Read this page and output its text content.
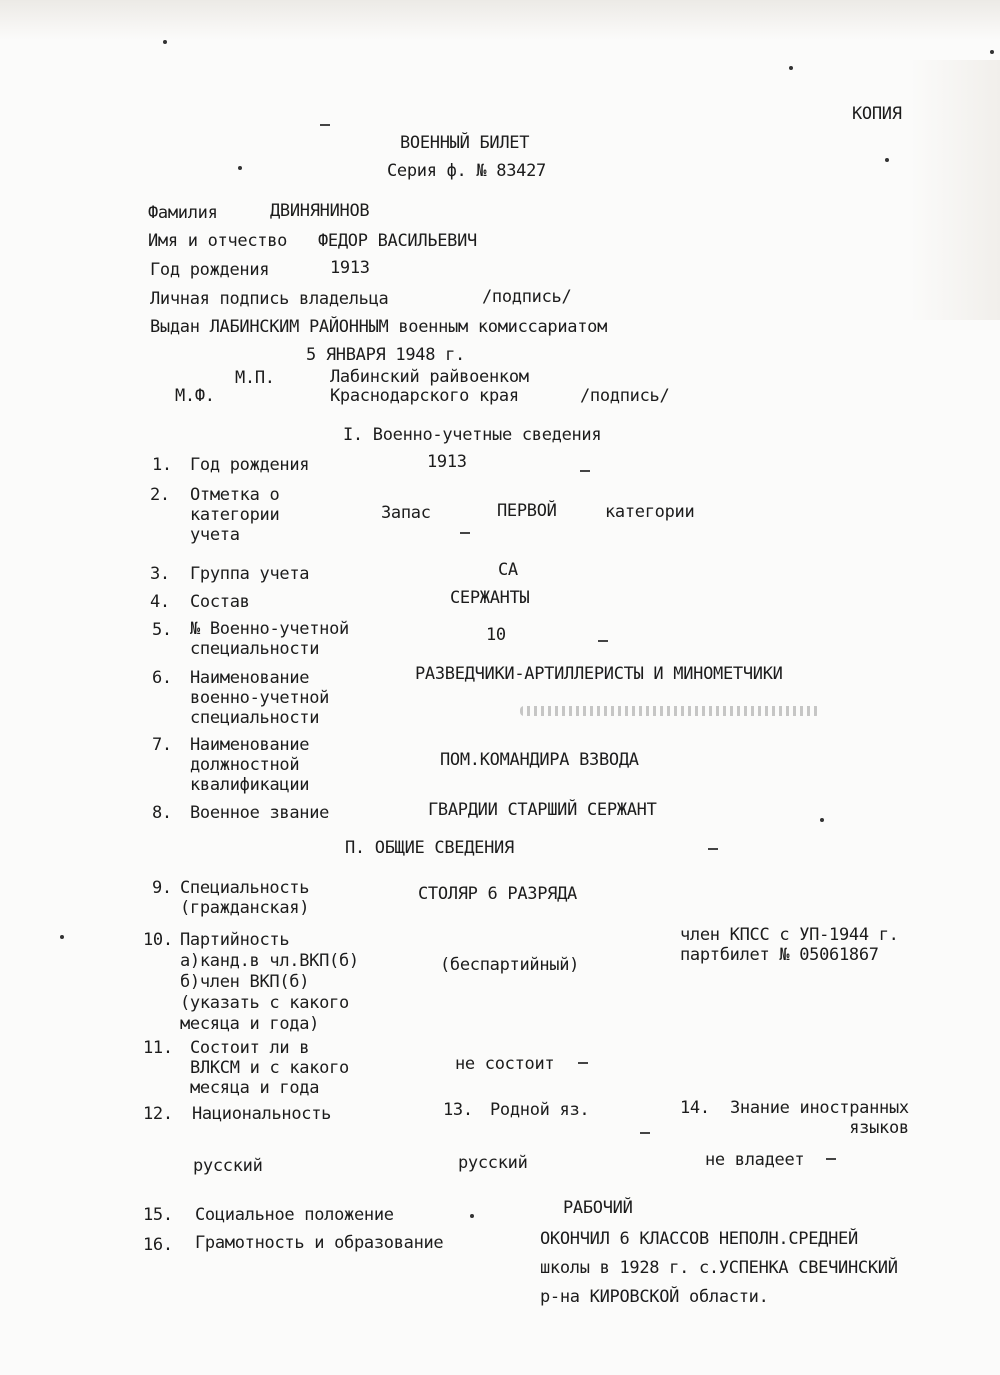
КОПИЯ
ВОЕННЫЙ БИЛЕТ
Серия ф. № 83427
Фамилия	ДВИНЯНИНОВ
Имя и отчество ФЕДОР ВАСИЛЬЕВИЧ
Год рождения	1913
Личная подпись владельца	/подпись/
Выдан ЛАБИНСКИМ РАЙОННЫМ военным комиссариатом
5 ЯНВАРЯ 1948 г.
М.П.
М.Ф.
Лабинский райвоенком
Краснодарского края	/подпись/
I. Военно-учетные сведения
1. Год рождения	1913
2. Отметка о
категории
учета
Запас	ПЕРВОЙ	категории
3. Группа учета	СА
4. Состав	СЕРЖАНТЫ
5. № Военно-учетной
специальности
10
6. Наименование
военно-учетной
специальности
РАЗВЕДЧИКИ-АРТИЛЛЕРИСТЫ И МИНОМЕТЧИКИ
7. Наименование
должностной
квалификации
ПОМ.КОМАНДИРА ВЗВОДА
8. Военное звание	ГВАРДИИ СТАРШИЙ СЕРЖАНТ
П. ОБЩИЕ СВЕДЕНИЯ
9. Специальность
(гражданская)
СТОЛЯР 6 РАЗРЯДА
10. Партийность
а)канд.в чл.ВКП(б)
б)член ВКП(б)
(указать с какого
месяца и года)
(беспартийный)
член КПСС с УП-1944 г.
партбилет № 05061867
11. Состоит ли в
ВЛКСМ и с какого
месяца и года
не состоит
12. Национальность
русский
13. Родной яз.
русский
14. Знание иностранных
языков
не владеет
15. Социальное положение	РАБОЧИЙ
16. Грамотность и образование	ОКОНЧИЛ 6 КЛАССОВ НЕПОЛН.СРЕДНЕЙ
школы в 1928 г. с.УСПЕНКА СВЕЧИНСКИЙ
р-на КИРОВСКОЙ области.
